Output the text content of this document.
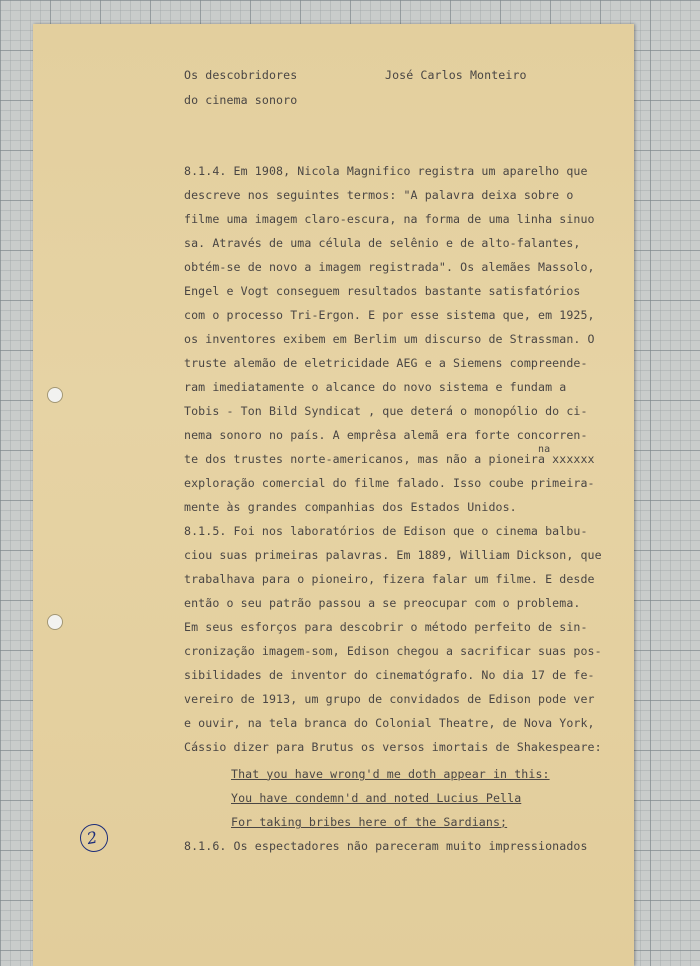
Os descobridores	José Carlos Monteiro
do cinema sonoro
8.1.4. Em 1908, Nicola Magnifico registra um aparelho que
descreve nos seguintes termos: "A palavra deixa sobre o
filme uma imagem claro-escura, na forma de uma linha sinuo
sa. Através de uma célula de selênio e de alto-falantes,
obtém-se de novo a imagem registrada". Os alemães Massolo,
Engel e Vogt conseguem resultados bastante satisfatórios
com o processo Tri-Ergon. E por esse sistema que, em 1925,
os inventores exibem em Berlim um discurso de Strassman. O
truste alemão de eletricidade AEG e a Siemens compreende-
ram imediatamente o alcance do novo sistema e fundam a
Tobis - Ton Bild Syndicat , que deterá o monopólio do ci-
nema sonoro no país. A emprêsa alemã era forte concorren-
na
te dos trustes norte-americanos, mas não a pioneira xxxxxx
exploração comercial do filme falado. Isso coube primeira-
mente às grandes companhias dos Estados Unidos.
8.1.5. Foi nos laboratórios de Edison que o cinema balbu-
ciou suas primeiras palavras. Em 1889, William Dickson, que
trabalhava para o pioneiro, fizera falar um filme. E desde
então o seu patrão passou a se preocupar com o problema.
Em seus esforços para descobrir o método perfeito de sin-
cronização imagem-som, Edison chegou a sacrificar suas pos-
sibilidades de inventor do cinematógrafo. No dia 17 de fe-
vereiro de 1913, um grupo de convidados de Edison pode ver
e ouvir, na tela branca do Colonial Theatre, de Nova York,
Cássio dizer para Brutus os versos imortais de Shakespeare:
That you have wrong'd me doth appear in this:
You have condemn'd and noted Lucius Pella
For taking bribes here of the Sardians;
8.1.6. Os espectadores não pareceram muito impressionados
2
